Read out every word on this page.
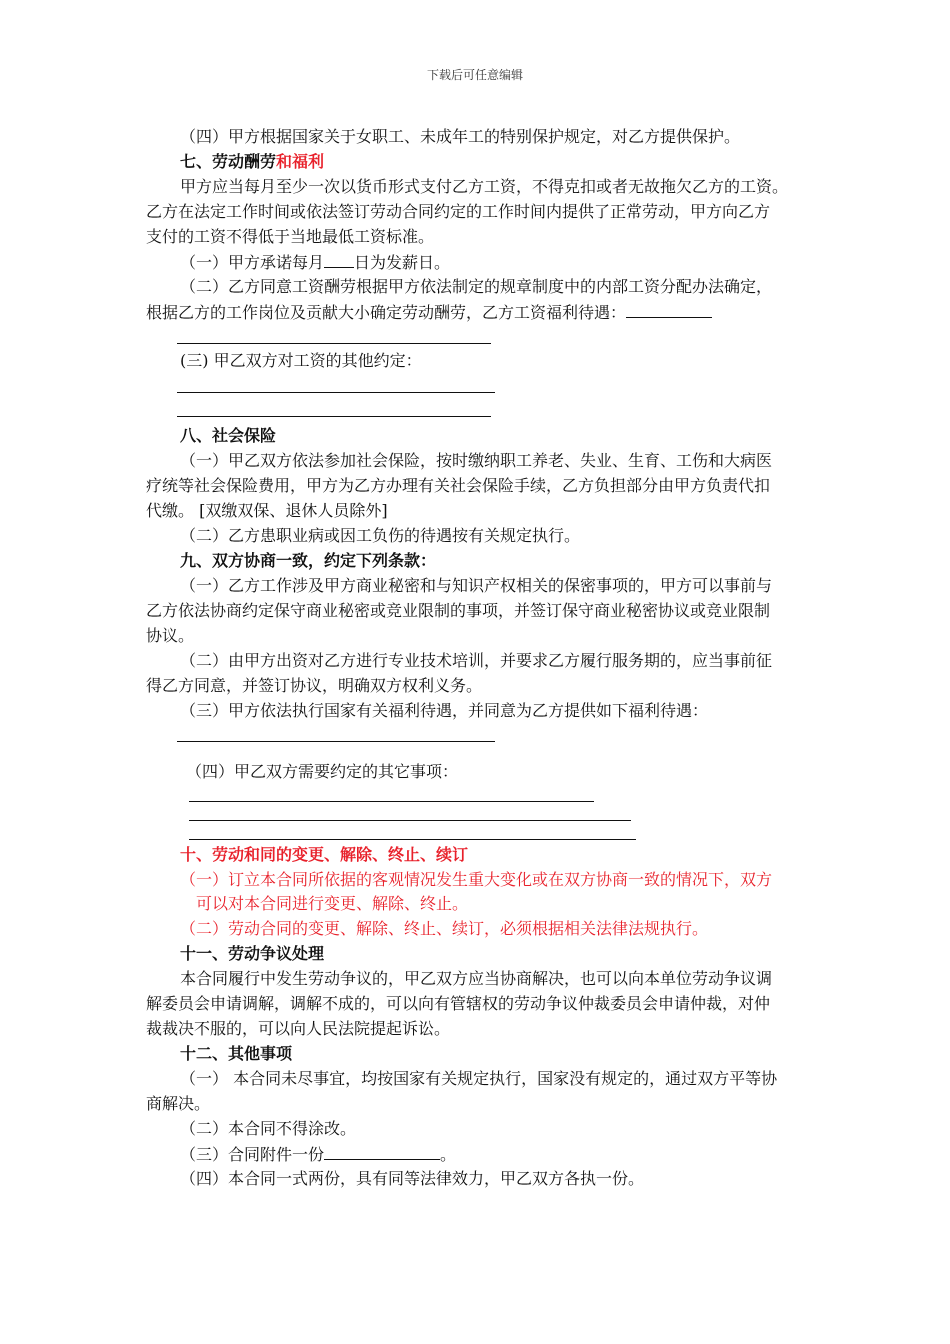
下载后可任意编辑
（四）甲方根据国家关于女职工、未成年工的特别保护规定，对乙方提供保护。
七、劳动酬劳和福利
甲方应当每月至少一次以货币形式支付乙方工资，不得克扣或者无故拖欠乙方的工资。
乙方在法定工作时间或依法签订劳动合同约定的工作时间内提供了正常劳动，甲方向乙方
支付的工资不得低于当地最低工资标准。
（一）甲方承诺每月 日为发薪日。
（二）乙方同意工资酬劳根据甲方依法制定的规章制度中的内部工资分配办法确定，
根据乙方的工作岗位及贡献大小确定劳动酬劳，乙方工资福利待遇：
(三) 甲乙双方对工资的其他约定：
八、社会保险
（一）甲乙双方依法参加社会保险，按时缴纳职工养老、失业、生育、工伤和大病医
疗统等社会保险费用，甲方为乙方办理有关社会保险手续，乙方负担部分由甲方负责代扣
代缴。 [双缴双保、退休人员除外]
（二）乙方患职业病或因工负伤的待遇按有关规定执行。
九、双方协商一致，约定下列条款：
（一）乙方工作涉及甲方商业秘密和与知识产权相关的保密事项的，甲方可以事前与
乙方依法协商约定保守商业秘密或竞业限制的事项，并签订保守商业秘密协议或竞业限制
协议。
（二）由甲方出资对乙方进行专业技术培训，并要求乙方履行服务期的，应当事前征
得乙方同意，并签订协议，明确双方权利义务。
（三）甲方依法执行国家有关福利待遇，并同意为乙方提供如下福利待遇：
（四）甲乙双方需要约定的其它事项：
十、劳动和同的变更、解除、终止、续订
（一）订立本合同所依据的客观情况发生重大变化或在双方协商一致的情况下，双方
可以对本合同进行变更、解除、终止。
（二）劳动合同的变更、解除、终止、续订，必须根据相关法律法规执行。
十一、劳动争议处理
本合同履行中发生劳动争议的，甲乙双方应当协商解决，也可以向本单位劳动争议调
解委员会申请调解，调解不成的，可以向有管辖权的劳动争议仲裁委员会申请仲裁，对仲
裁裁决不服的，可以向人民法院提起诉讼。
十二、其他事项
（一） 本合同未尽事宜，均按国家有关规定执行，国家没有规定的，通过双方平等协
商解决。
（二）本合同不得涂改。
（三）合同附件一份	。
（四）本合同一式两份，具有同等法律效力，甲乙双方各执一份。
